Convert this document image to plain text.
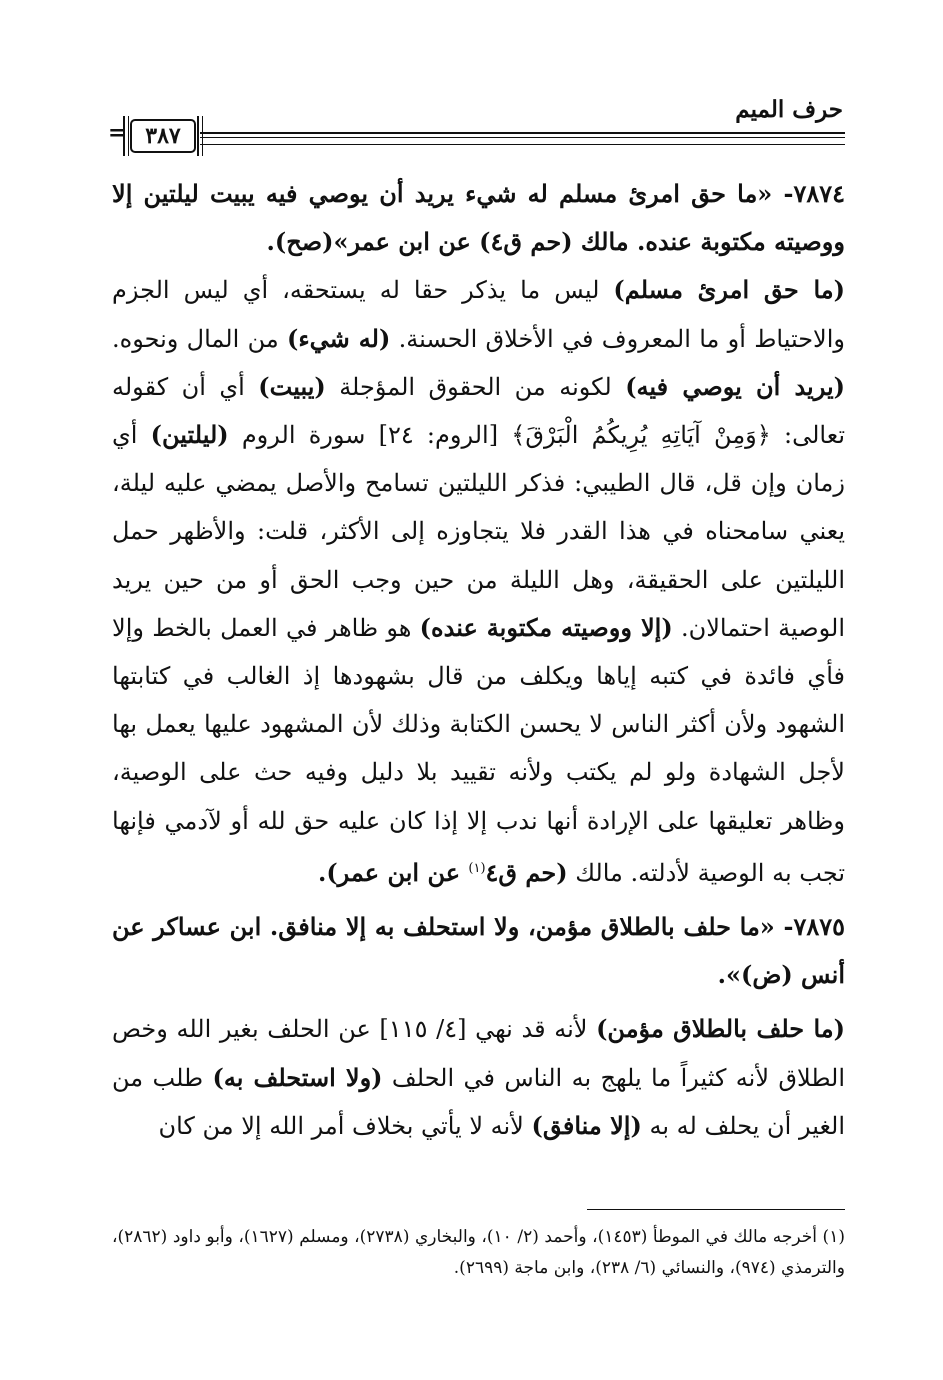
حرف الميم
= ٣٨٧

٧٨٧٤- «ما حق امرئ مسلم له شيء يريد أن يوصي فيه يبيت ليلتين إلا ووصيته مكتوبة عنده. مالك (حم ق٤) عن ابن عمر»(صح).

(ما حق امرئ مسلم) ليس ما يذكر حقا له يستحقه، أي ليس الجزم والاحتياط أو ما المعروف في الأخلاق الحسنة. (له شيء) من المال ونحوه. (يريد أن يوصي فيه) لكونه من الحقوق المؤجلة (يبيت) أي أن كقوله تعالى: ﴿وَمِنْ آيَاتِهِ يُرِيكُمُ الْبَرْقَ﴾ [الروم: ٢٤] سورة الروم (ليلتين) أي زمان وإن قل، قال الطيبي: فذكر الليلتين تسامح والأصل يمضي عليه ليلة، يعني سامحناه في هذا القدر فلا يتجاوزه إلى الأكثر، قلت: والأظهر حمل الليلتين على الحقيقة، وهل الليلة من حين وجب الحق أو من حين يريد الوصية احتمالان. (إلا ووصيته مكتوبة عنده) هو ظاهر في العمل بالخط وإلا فأي فائدة في كتبه إياها ويكلف من قال بشهودها إذ الغالب في كتابتها الشهود ولأن أكثر الناس لا يحسن الكتابة وذلك لأن المشهود عليها يعمل بها لأجل الشهادة ولو لم يكتب ولأنه تقييد بلا دليل وفيه حث على الوصية، وظاهر تعليقها على الإرادة أنها ندب إلا إذا كان عليه حق لله أو لآدمي فإنها تجب به الوصية لأدلته. مالك (حم ق٤$^{(١)}$ عن ابن عمر).

٧٨٧٥- «ما حلف بالطلاق مؤمن، ولا استحلف به إلا منافق. ابن عساكر عن أنس (ض)».

(ما حلف بالطلاق مؤمن) لأنه قد نهي [٤/ ١١٥] عن الحلف بغير الله وخص الطلاق لأنه كثيراً ما يلهج به الناس في الحلف (ولا استحلف به) طلب من الغير أن يحلف له به (إلا منافق) لأنه لا يأتي بخلاف أمر الله إلا من كان

(١) أخرجه مالك في الموطأ (١٤٥٣)، وأحمد (٢/ ١٠)، والبخاري (٢٧٣٨)، ومسلم (١٦٢٧)، وأبو داود (٢٨٦٢)، والترمذي (٩٧٤)، والنسائي (٦/ ٢٣٨)، وابن ماجة (٢٦٩٩).
